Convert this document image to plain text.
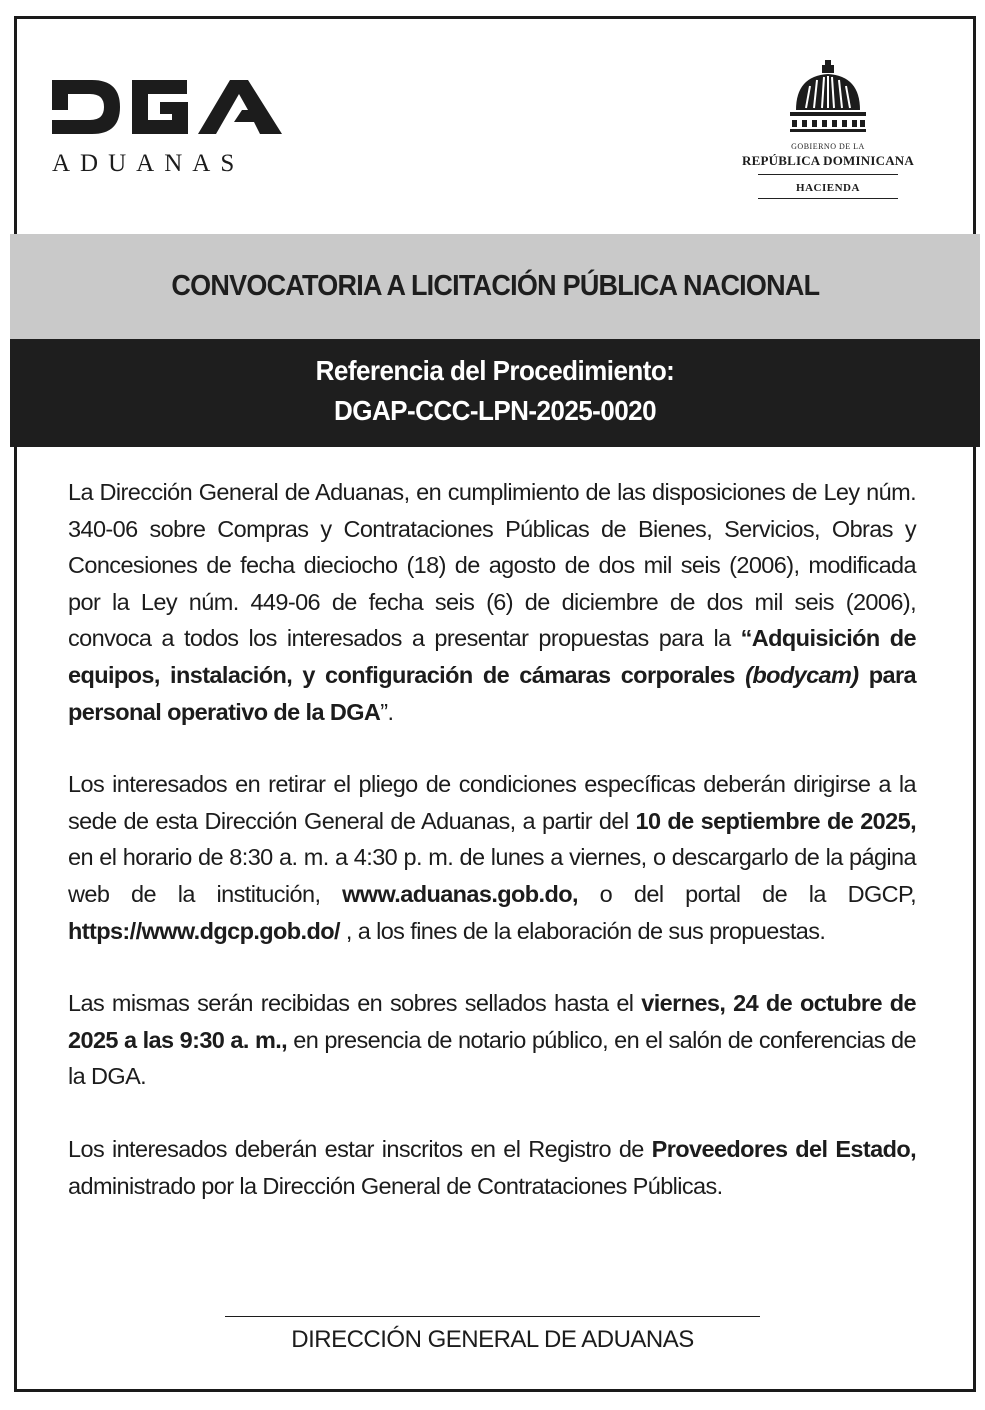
ADUANAS
GOBIERNO DE LA
REPÚBLICA DOMINICANA
HACIENDA
CONVOCATORIA A LICITACIÓN PÚBLICA NACIONAL
Referencia del Procedimiento:
DGAP-CCC-LPN-2025-0020

La Dirección General de Aduanas, en cumplimiento de las disposiciones de Ley núm. 340-06 sobre Compras y Contrataciones Públicas de Bienes, Servicios, Obras y Concesiones de fecha dieciocho (18) de agosto de dos mil seis (2006), modificada por la Ley núm. 449-06 de fecha seis (6) de diciembre de dos mil seis (2006), convoca a todos los interesados a presentar propuestas para la “Adquisición de equipos, instalación, y configuración de cámaras corporales (bodycam) para personal operativo de la DGA”.

Los interesados en retirar el pliego de condiciones específicas deberán dirigirse a la sede de esta Dirección General de Aduanas, a partir del 10 de septiembre de 2025, en el horario de 8:30 a. m. a 4:30 p. m. de lunes a viernes, o descargarlo de la página web de la institución, www.aduanas.gob.do, o del portal de la DGCP, https://www.dgcp.gob.do/ , a los fines de la elaboración de sus propuestas.

Las mismas serán recibidas en sobres sellados hasta el viernes, 24 de octubre de 2025 a las 9:30 a. m., en presencia de notario público, en el salón de conferencias de la DGA.

Los interesados deberán estar inscritos en el Registro de Proveedores del Estado, administrado por la Dirección General de Contrataciones Públicas.

DIRECCIÓN GENERAL DE ADUANAS
